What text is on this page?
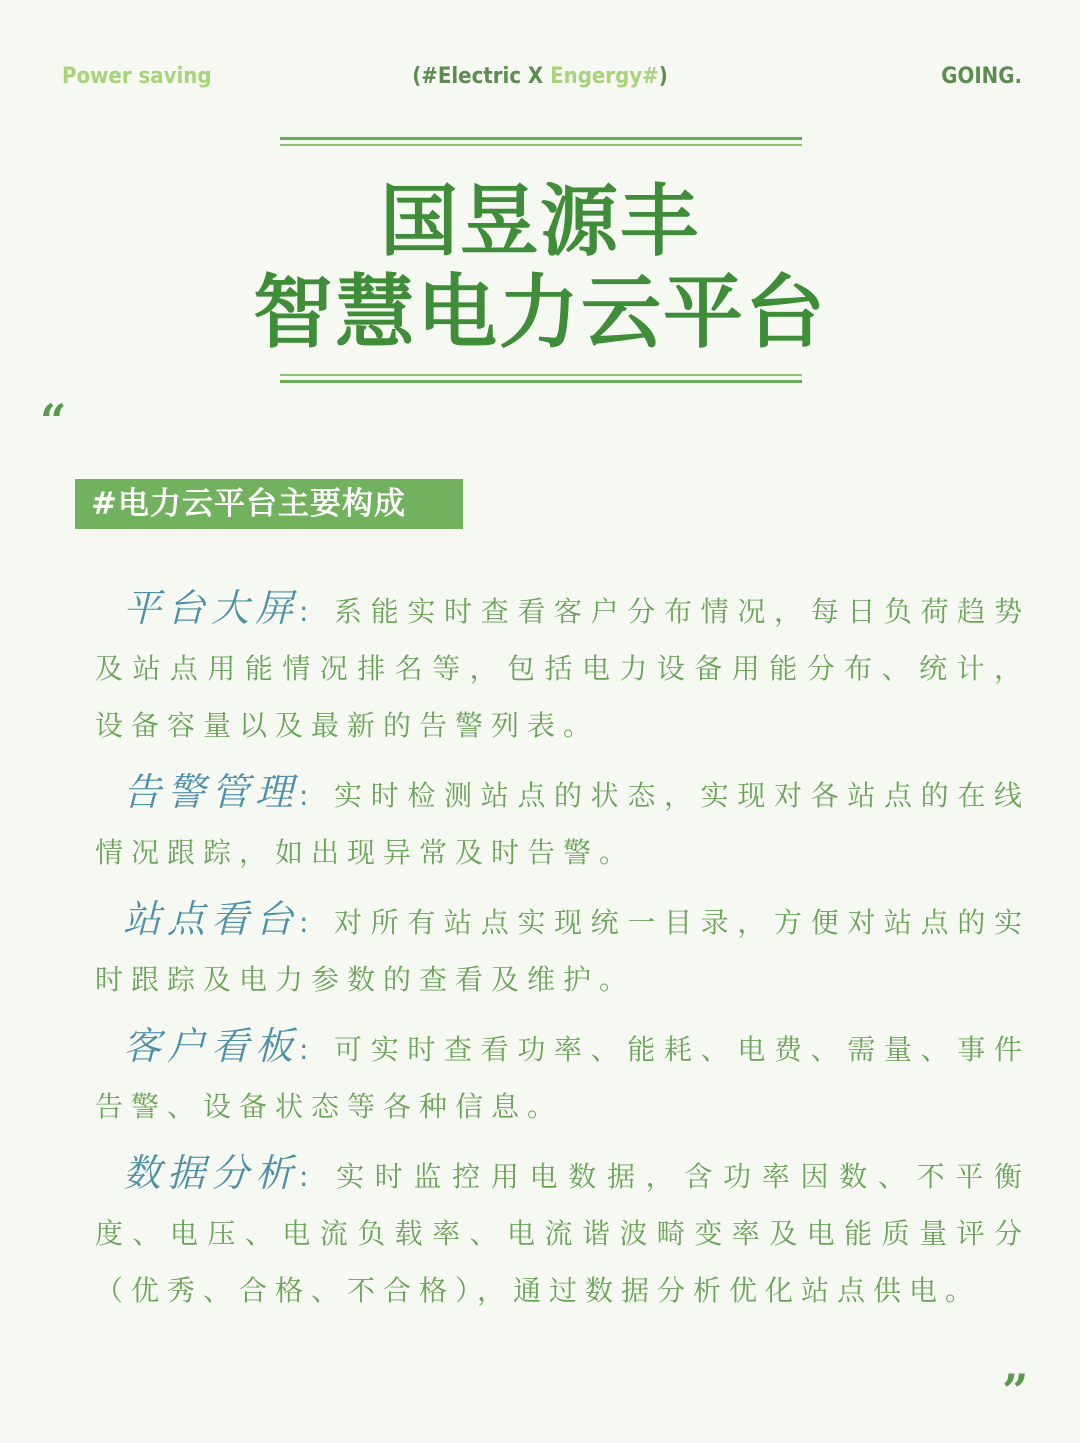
Power saving	(#Electric X Engergy#)	GOING.
国昱源丰
智慧电力云平台
“
#电力云平台主要构成
平台大屏: 系能实时查看客户分布情况，每日负荷趋势及站点用能情况排名等，包括电力设备用能分布、统计，设备容量以及最新的告警列表。
告警管理: 实时检测站点的状态，实现对各站点的在线情况跟踪，如出现异常及时告警。
站点看台: 对所有站点实现统一目录，方便对站点的实时跟踪及电力参数的查看及维护。
客户看板: 可实时查看功率、能耗、电费、需量、事件告警、设备状态等各种信息。
数据分析: 实时监控用电数据，含功率因数、不平衡度、电压、电流负载率、电流谐波畸变率及电能质量评分（优秀、合格、不合格），通过数据分析优化站点供电。
”
